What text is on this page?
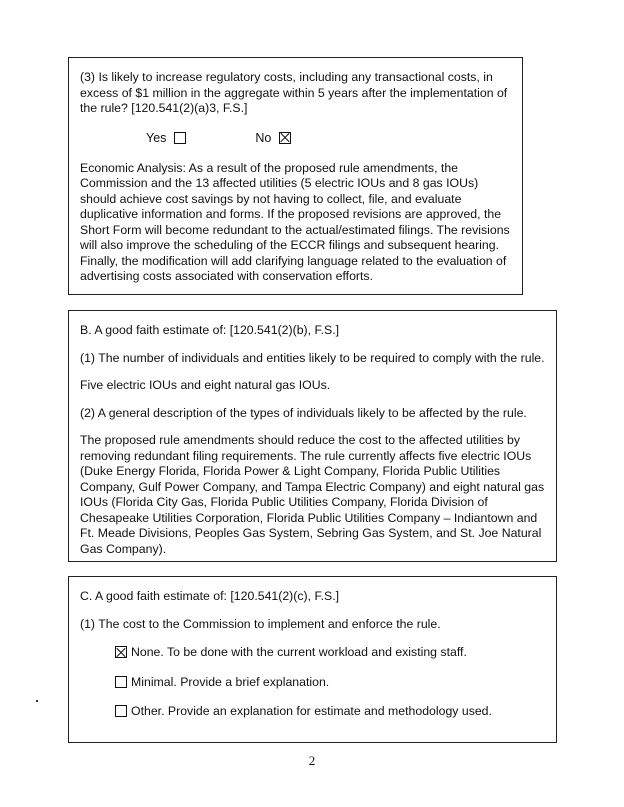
(3) Is likely to increase regulatory costs, including any transactional costs, in excess of $1 million in the aggregate within 5 years after the implementation of the rule? [120.541(2)(a)3, F.S.]

Yes	No

Economic Analysis: As a result of the proposed rule amendments, the Commission and the 13 affected utilities (5 electric IOUs and 8 gas IOUs) should achieve cost savings by not having to collect, file, and evaluate duplicative information and forms. If the proposed revisions are approved, the Short Form will become redundant to the actual/estimated filings. The revisions will also improve the scheduling of the ECCR filings and subsequent hearing. Finally, the modification will add clarifying language related to the evaluation of advertising costs associated with conservation efforts.

B. A good faith estimate of: [120.541(2)(b), F.S.]

(1) The number of individuals and entities likely to be required to comply with the rule.

Five electric IOUs and eight natural gas IOUs.

(2) A general description of the types of individuals likely to be affected by the rule.

The proposed rule amendments should reduce the cost to the affected utilities by removing redundant filing requirements. The rule currently affects five electric IOUs (Duke Energy Florida, Florida Power & Light Company, Florida Public Utilities Company, Gulf Power Company, and Tampa Electric Company) and eight natural gas IOUs (Florida City Gas, Florida Public Utilities Company, Florida Division of Chesapeake Utilities Corporation, Florida Public Utilities Company – Indiantown and Ft. Meade Divisions, Peoples Gas System, Sebring Gas System, and St. Joe Natural Gas Company).

C. A good faith estimate of: [120.541(2)(c), F.S.]

(1) The cost to the Commission to implement and enforce the rule.

None. To be done with the current workload and existing staff.
Minimal. Provide a brief explanation.
Other. Provide an explanation for estimate and methodology used.
2
